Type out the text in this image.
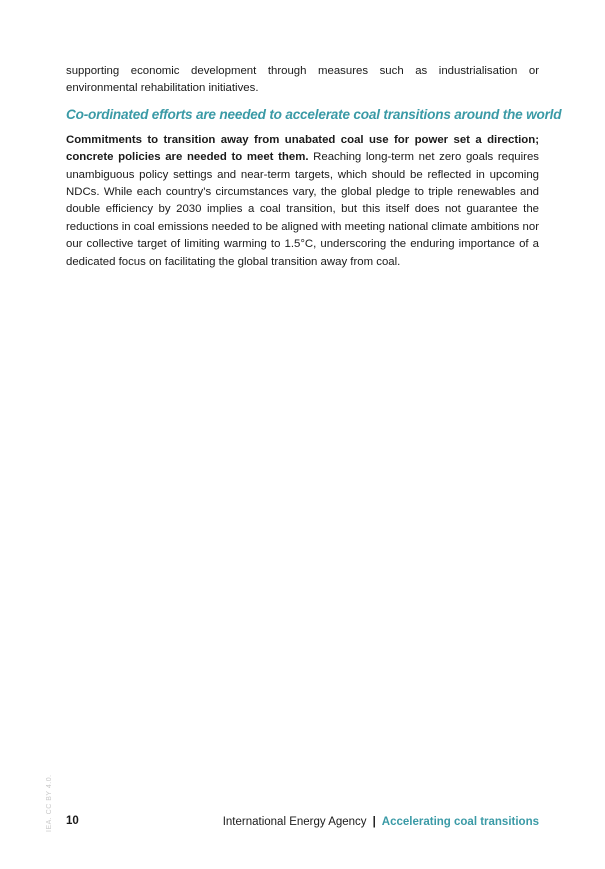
supporting economic development through measures such as industrialisation or environmental rehabilitation initiatives.

Co-ordinated efforts are needed to accelerate coal transitions around the world

Commitments to transition away from unabated coal use for power set a direction; concrete policies are needed to meet them. Reaching long-term net zero goals requires unambiguous policy settings and near-term targets, which should be reflected in upcoming NDCs. While each country’s circumstances vary, the global pledge to triple renewables and double efficiency by 2030 implies a coal transition, but this itself does not guarantee the reductions in coal emissions needed to be aligned with meeting national climate ambitions nor our collective target of limiting warming to 1.5°C, underscoring the enduring importance of a dedicated focus on facilitating the global transition away from coal.

IEA. CC BY 4.0. 10	International Energy Agency | Accelerating coal transitions
